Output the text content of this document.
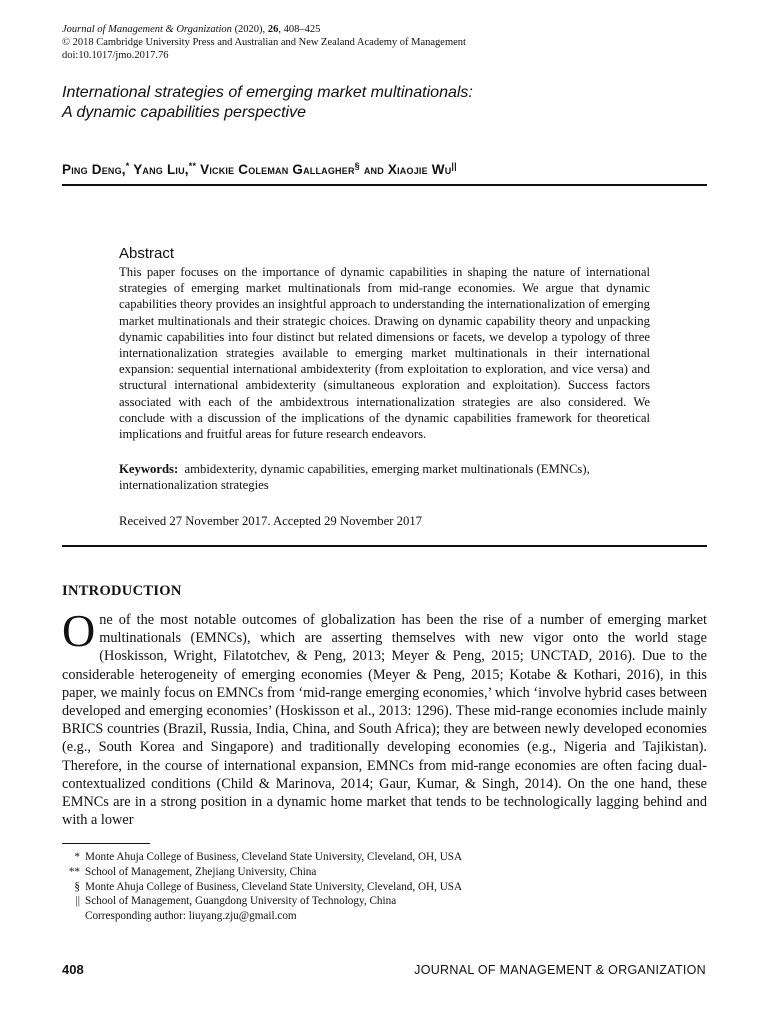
Journal of Management & Organization (2020), 26, 408–425
© 2018 Cambridge University Press and Australian and New Zealand Academy of Management
doi:10.1017/jmo.2017.76
International strategies of emerging market multinationals:
A dynamic capabilities perspective
Ping Deng,* Yang Liu,** Vickie Coleman Gallagher§ and Xiaojie Wu||
Abstract
This paper focuses on the importance of dynamic capabilities in shaping the nature of international strategies of emerging market multinationals from mid-range economies. We argue that dynamic capabilities theory provides an insightful approach to understanding the internationalization of emerging market multinationals and their strategic choices. Drawing on dynamic capability theory and unpacking dynamic capabilities into four distinct but related dimensions or facets, we develop a typology of three internationalization strategies available to emerging market multinationals in their international expansion: sequential international ambidexterity (from exploitation to exploration, and vice versa) and structural international ambidexterity (simultaneous exploration and exploitation). Success factors associated with each of the ambidextrous internationalization strategies are also considered. We conclude with a discussion of the implications of the dynamic capabilities framework for theoretical implications and fruitful areas for future research endeavors.
Keywords: ambidexterity, dynamic capabilities, emerging market multinationals (EMNCs), internationalization strategies
Received 27 November 2017. Accepted 29 November 2017
INTRODUCTION
One of the most notable outcomes of globalization has been the rise of a number of emerging market multinationals (EMNCs), which are asserting themselves with new vigor onto the world stage (Hoskisson, Wright, Filatotchev, & Peng, 2013; Meyer & Peng, 2015; UNCTAD, 2016). Due to the considerable heterogeneity of emerging economies (Meyer & Peng, 2015; Kotabe & Kothari, 2016), in this paper, we mainly focus on EMNCs from ‘mid-range emerging economies,’ which ‘involve hybrid cases between developed and emerging economies’ (Hoskisson et al., 2013: 1296). These mid-range economies include mainly BRICS countries (Brazil, Russia, India, China, and South Africa); they are between newly developed economies (e.g., South Korea and Singapore) and traditionally developing economies (e.g., Nigeria and Tajikistan). Therefore, in the course of international expansion, EMNCs from mid-range economies are often facing dual-contextualized conditions (Child & Marinova, 2014; Gaur, Kumar, & Singh, 2014). On the one hand, these EMNCs are in a strong position in a dynamic home market that tends to be technologically lagging behind and with a lower
* Monte Ahuja College of Business, Cleveland State University, Cleveland, OH, USA
** School of Management, Zhejiang University, China
§ Monte Ahuja College of Business, Cleveland State University, Cleveland, OH, USA
|| School of Management, Guangdong University of Technology, China
Corresponding author: liuyang.zju@gmail.com
408	JOURNAL OF MANAGEMENT & ORGANIZATION
